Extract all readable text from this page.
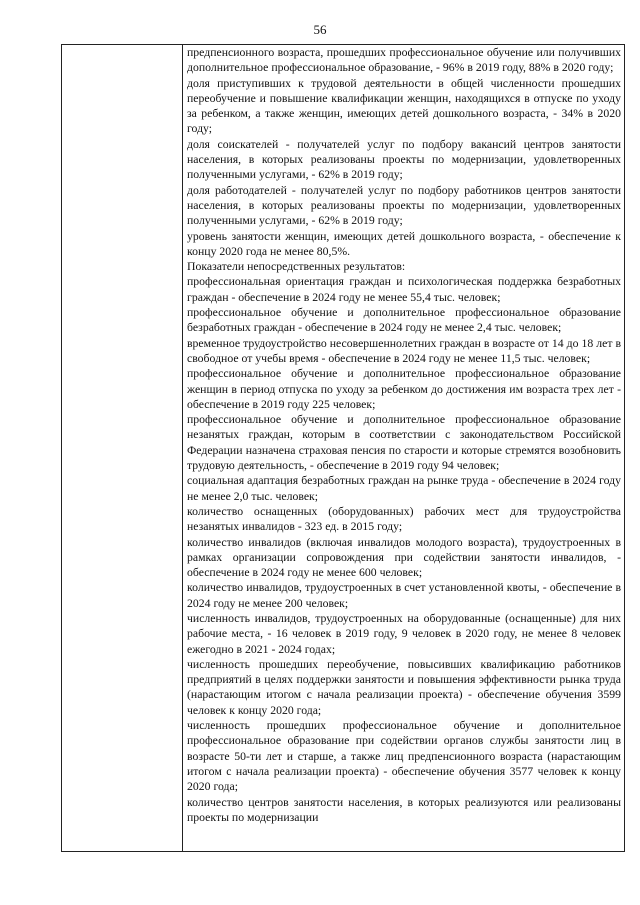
56

предпенсионного возраста, прошедших профессиональное обучение или получивших дополнительное профессиональное образование, - 96% в 2019 году, 88% в 2020 году;

доля приступивших к трудовой деятельности в общей численности прошедших переобучение и повышение квалификации женщин, находящихся в отпуске по уходу за ребенком, а также женщин, имеющих детей дошкольного возраста, - 34% в 2020 году;

доля соискателей - получателей услуг по подбору вакансий центров занятости населения, в которых реализованы проекты по модернизации, удовлетворенных полученными услугами, - 62% в 2019 году;

доля работодателей - получателей услуг по подбору работников центров занятости населения, в которых реализованы проекты по модернизации, удовлетворенных полученными услугами, - 62% в 2019 году;

уровень занятости женщин, имеющих детей дошкольного возраста, - обеспечение к концу 2020 года не менее 80,5%.

Показатели непосредственных результатов:

профессиональная ориентация граждан и психологическая поддержка безработных граждан - обеспечение в 2024 году не менее 55,4 тыс. человек;

профессиональное обучение и дополнительное профессиональное образование безработных граждан - обеспечение в 2024 году не менее 2,4 тыс. человек;

временное трудоустройство несовершеннолетних граждан в возрасте от 14 до 18 лет в свободное от учебы время - обеспечение в 2024 году не менее 11,5 тыс. человек;

профессиональное обучение и дополнительное профессиональное образование женщин в период отпуска по уходу за ребенком до достижения им возраста трех лет - обеспечение в 2019 году 225 человек;

профессиональное обучение и дополнительное профессиональное образование незанятых граждан, которым в соответствии с законодательством Российской Федерации назначена страховая пенсия по старости и которые стремятся возобновить трудовую деятельность, - обеспечение в 2019 году 94 человек;

социальная адаптация безработных граждан на рынке труда - обеспечение в 2024 году не менее 2,0 тыс. человек;

количество оснащенных (оборудованных) рабочих мест для трудоустройства незанятых инвалидов - 323 ед. в 2015 году;

количество инвалидов (включая инвалидов молодого возраста), трудоустроенных в рамках организации сопровождения при содействии занятости инвалидов, - обеспечение в 2024 году не менее 600 человек;

количество инвалидов, трудоустроенных в счет установленной квоты, - обеспечение в 2024 году не менее 200 человек;

численность инвалидов, трудоустроенных на оборудованные (оснащенные) для них рабочие места, - 16 человек в 2019 году, 9 человек в 2020 году, не менее 8 человек ежегодно в 2021 - 2024 годах;

численность прошедших переобучение, повысивших квалификацию работников предприятий в целях поддержки занятости и повышения эффективности рынка труда (нарастающим итогом с начала реализации проекта) - обеспечение обучения 3599 человек к концу 2020 года;

численность прошедших профессиональное обучение и дополнительное профессиональное образование при содействии органов службы занятости лиц в возрасте 50-ти лет и старше, а также лиц предпенсионного возраста (нарастающим итогом с начала реализации проекта) - обеспечение обучения 3577 человек к концу 2020 года;

количество центров занятости населения, в которых реализуются или реализованы проекты по модернизации
